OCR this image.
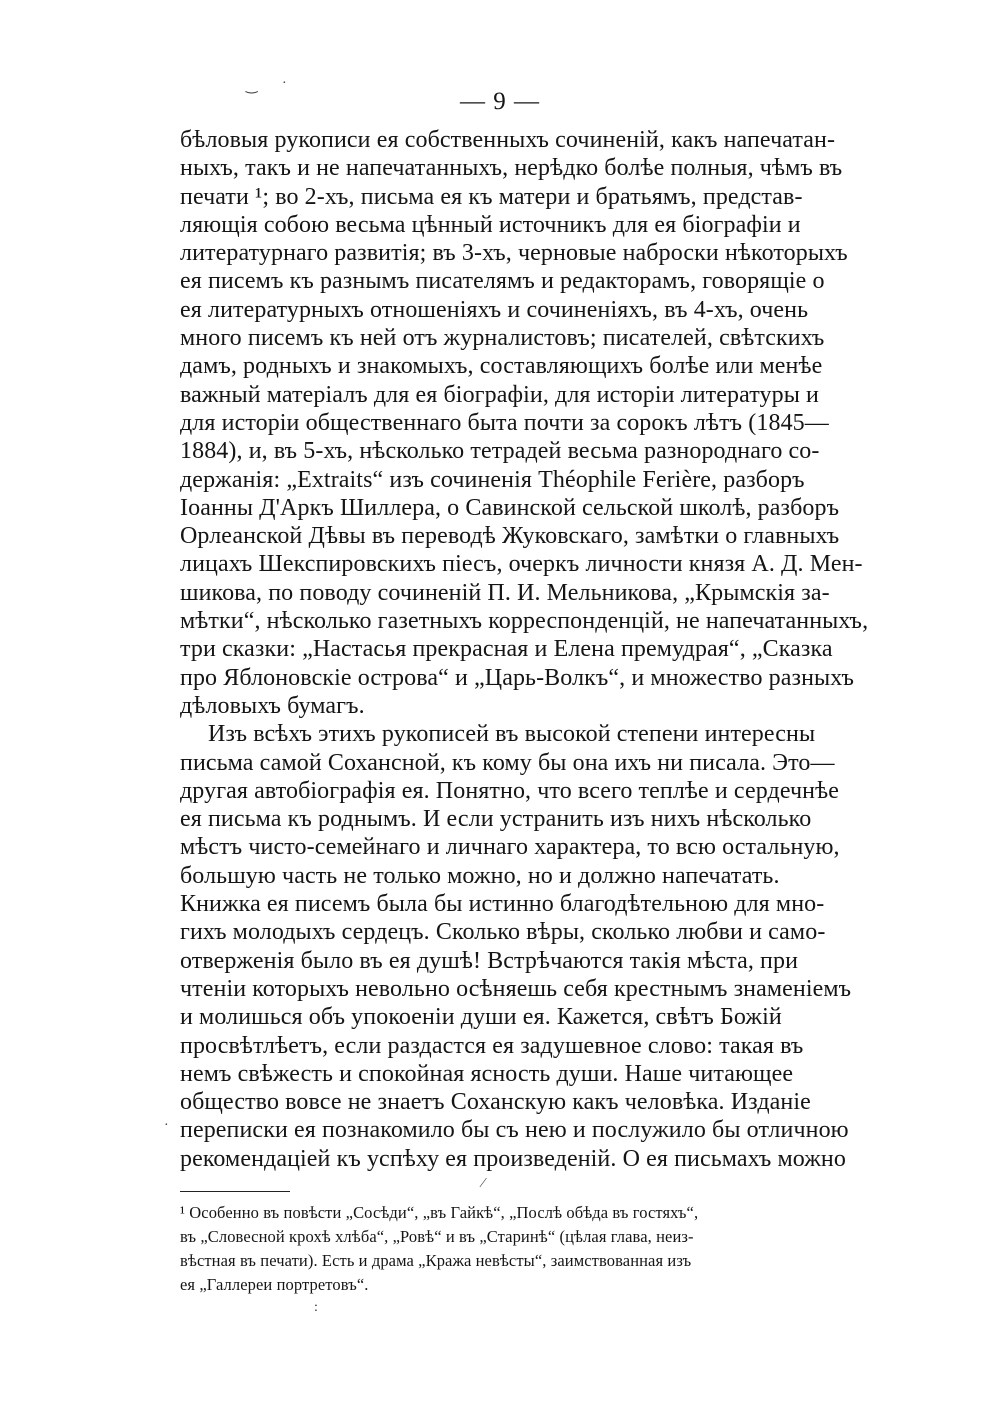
‿ ·
— 9 —
бѣловыя рукописи ея собственныхъ сочиненій, какъ напечатан-
ныхъ, такъ и не напечатанныхъ, нерѣдко болѣе полныя, чѣмъ въ
печати ¹; во 2-хъ, письма ея къ матери и братьямъ, представ-
ляющія собою весьма цѣнный источникъ для ея біографіи и
литературнаго развитія; въ 3-хъ, черновые наброски нѣкоторыхъ
ея писемъ къ разнымъ писателямъ и редакторамъ, говорящіе о
ея литературныхъ отношеніяхъ и сочиненіяхъ, въ 4-хъ, очень
много писемъ къ ней отъ журналистовъ; писателей, свѣтскихъ
дамъ, родныхъ и знакомыхъ, составляющихъ болѣе или менѣе
важный матеріалъ для ея біографіи, для исторіи литературы и
для исторіи общественнаго быта почти за сорокъ лѣтъ (1845—
1884), и, въ 5-хъ, нѣсколько тетрадей весьма разнороднаго со-
держанія: „Extraits“ изъ сочиненія Théophile Ferière, разборъ
Іоанны Д'Аркъ Шиллера, о Савинской сельской школѣ, разборъ
Орлеанской Дѣвы въ переводѣ Жуковскаго, замѣтки о главныхъ
лицахъ Шекспировскихъ піесъ, очеркъ личности князя А. Д. Мен-
шикова, по поводу сочиненій П. И. Мельникова, „Крымскія за-
мѣтки“, нѣсколько газетныхъ корреспонденцій, не напечатанныхъ,
три сказки: „Настасья прекрасная и Елена премудрая“, „Сказка
про Яблоновскіе острова“ и „Царь-Волкъ“, и множество разныхъ
дѣловыхъ бумагъ.
Изъ всѣхъ этихъ рукописей въ высокой степени интересны
письма самой Сохансной, къ кому бы она ихъ ни писала. Это—
другая автобіографія ея. Понятно, что всего теплѣе и сердечнѣе
ея письма къ роднымъ. И если устранить изъ нихъ нѣсколько
мѣстъ чисто-семейнаго и личнаго характера, то всю остальную,
большую часть не только можно, но и должно напечатать.
Книжка ея писемъ была бы истинно благодѣтельною для мно-
гихъ молодыхъ сердецъ. Сколько вѣры, сколько любви и само-
отверженія было въ ея душѣ! Встрѣчаются такія мѣста, при
чтеніи которыхъ невольно осѣняешь себя крестнымъ знаменіемъ
и молишься объ упокоеніи души ея. Кажется, свѣтъ Божій
просвѣтлѣетъ, если раздастся ея задушевное слово: такая въ
немъ свѣжесть и спокойная ясность души. Наше читающее
общество вовсе не знаетъ Соханскую какъ человѣка. Изданіе
переписки ея познакомило бы съ нею и послужило бы отличною
рекомендаціей къ успѣху ея произведеній. О ея письмахъ можно
·
⁄
¹ Особенно въ повѣсти „Сосѣди“, „въ Гайкѣ“, „Послѣ обѣда въ гостяхъ“,
въ „Словесной крохѣ хлѣба“, „Ровѣ“ и въ „Старинѣ“ (цѣлая глава, неиз-
вѣстная въ печати). Есть и драма „Кража невѣсты“, заимствованная изъ
ея „Галлереи портретовъ“.
:
